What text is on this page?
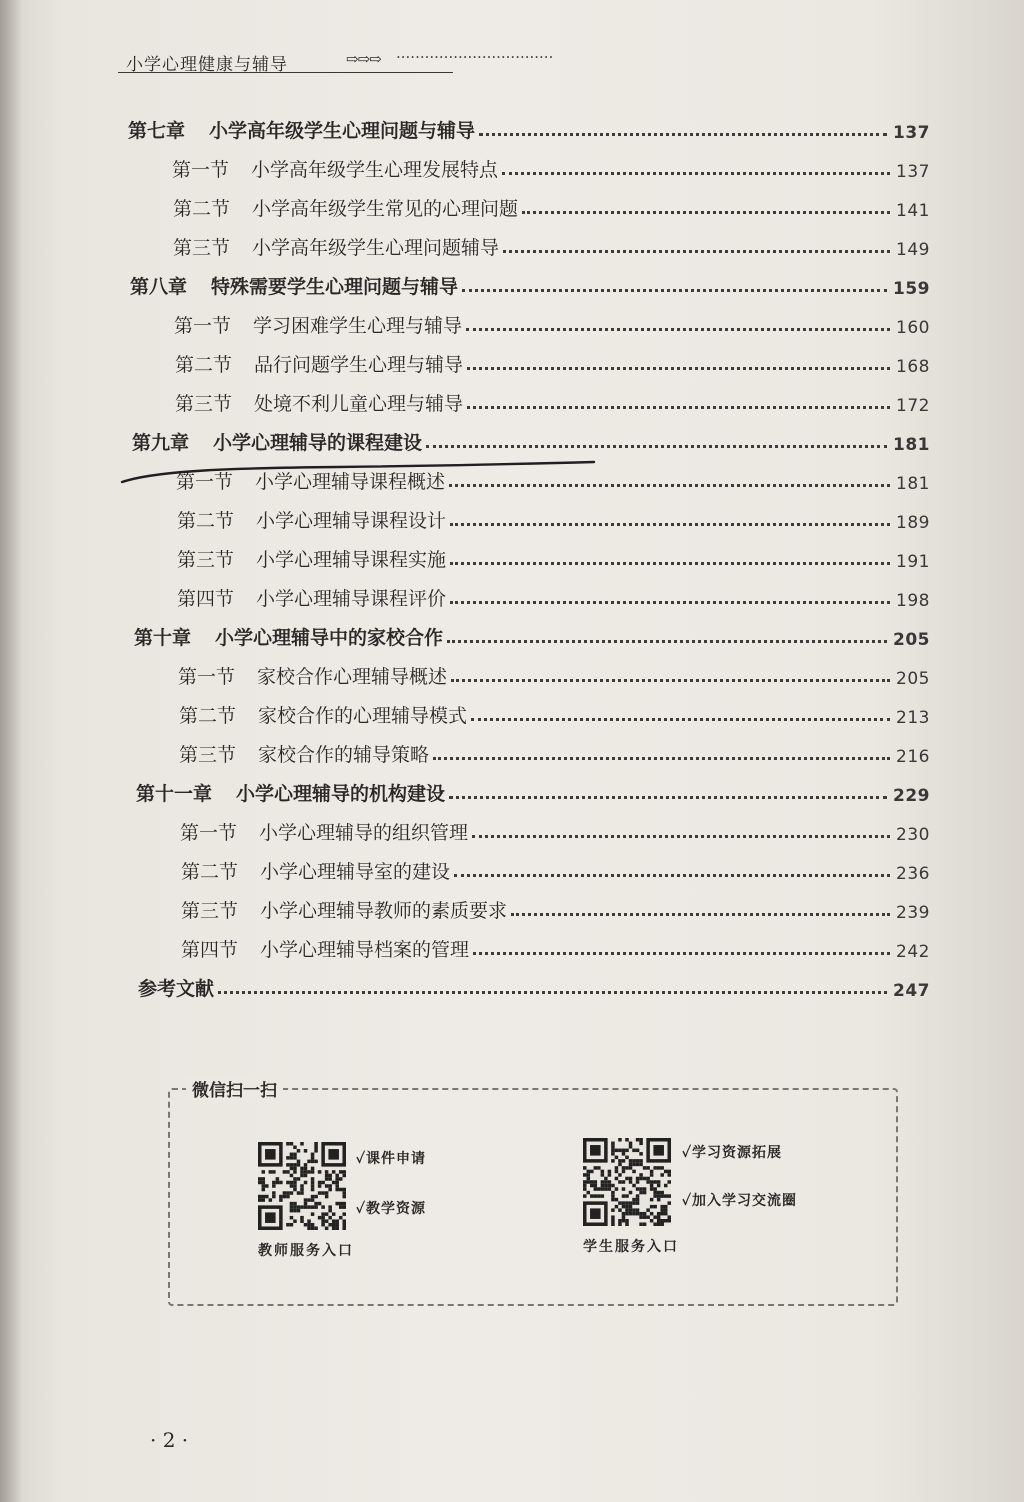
小学心理健康与辅导	⇨⇨⇨ ·································
第七章 小学高年级学生心理问题与辅导	137
第一节 小学高年级学生心理发展特点	137
第二节 小学高年级学生常见的心理问题	141
第三节 小学高年级学生心理问题辅导	149
第八章 特殊需要学生心理问题与辅导	159
第一节 学习困难学生心理与辅导	160
第二节 品行问题学生心理与辅导	168
第三节 处境不利儿童心理与辅导	172
第九章 小学心理辅导的课程建设	181
第一节 小学心理辅导课程概述	181
第二节 小学心理辅导课程设计	189
第三节 小学心理辅导课程实施	191
第四节 小学心理辅导课程评价	198
第十章 小学心理辅导中的家校合作	205
第一节 家校合作心理辅导概述	205
第二节 家校合作的心理辅导模式	213
第三节 家校合作的辅导策略	216
第十一章 小学心理辅导的机构建设	229
第一节 小学心理辅导的组织管理	230
第二节 小学心理辅导室的建设	236
第三节 小学心理辅导教师的素质要求	239
第四节 小学心理辅导档案的管理	242
参考文献	247
微信扫一扫
✓课件申请
✓教学资源
教师服务入口
✓学习资源拓展
✓加入学习交流圈
学生服务入口
· 2 ·
